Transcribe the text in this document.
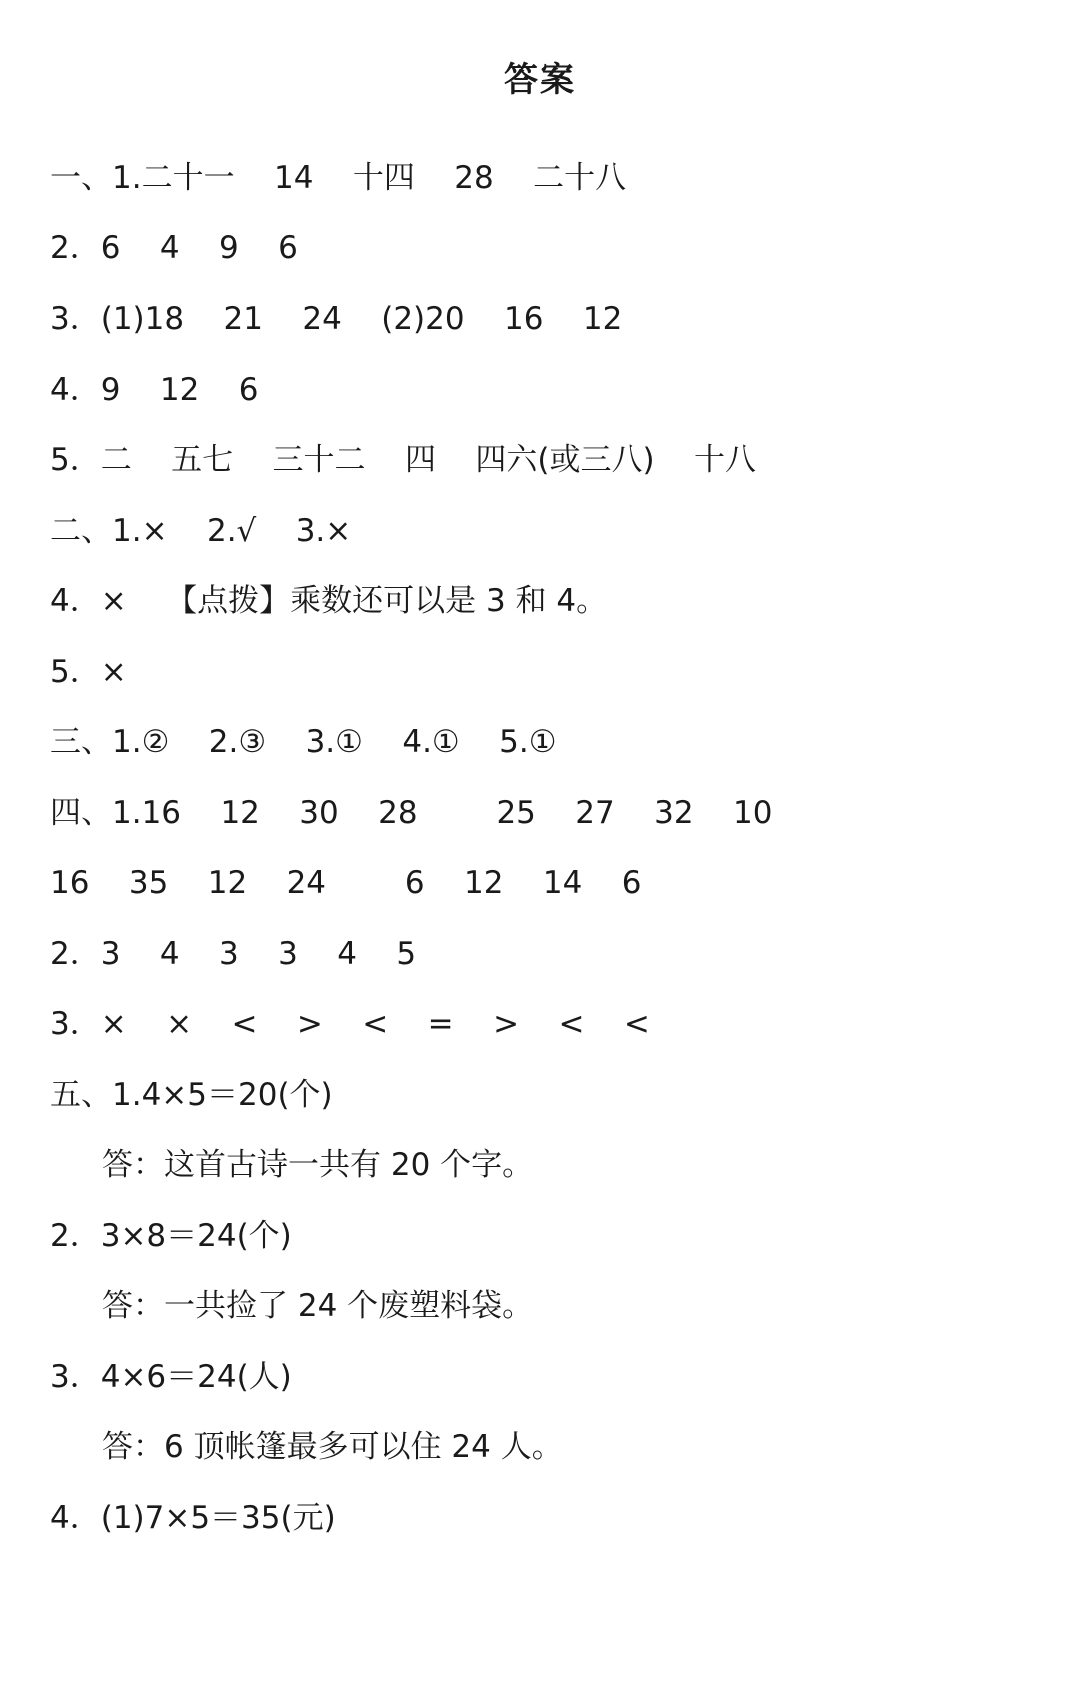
答案
一、1.二十一    14    十四    28    二十八
2．6    4    9    6
3．(1)18    21    24    (2)20    16    12
4．9    12    6
5．二    五七    三十二    四    四六(或三八)    十八
二、1.×    2.√    3.×
4．×    【点拨】乘数还可以是 3 和 4。
5．×
三、1.②    2.③    3.①    4.①    5.①
四、1.16    12    30    28        25    27    32    10
16    35    12    24        6    12    14    6
2．3    4    3    3    4    5
3．×    ×    <    >    <    =    >    <    <
五、1.4×5＝20(个)
答：这首古诗一共有 20 个字。
2．3×8＝24(个)
答：一共捡了 24 个废塑料袋。
3．4×6＝24(人)
答：6 顶帐篷最多可以住 24 人。
4．(1)7×5＝35(元)
